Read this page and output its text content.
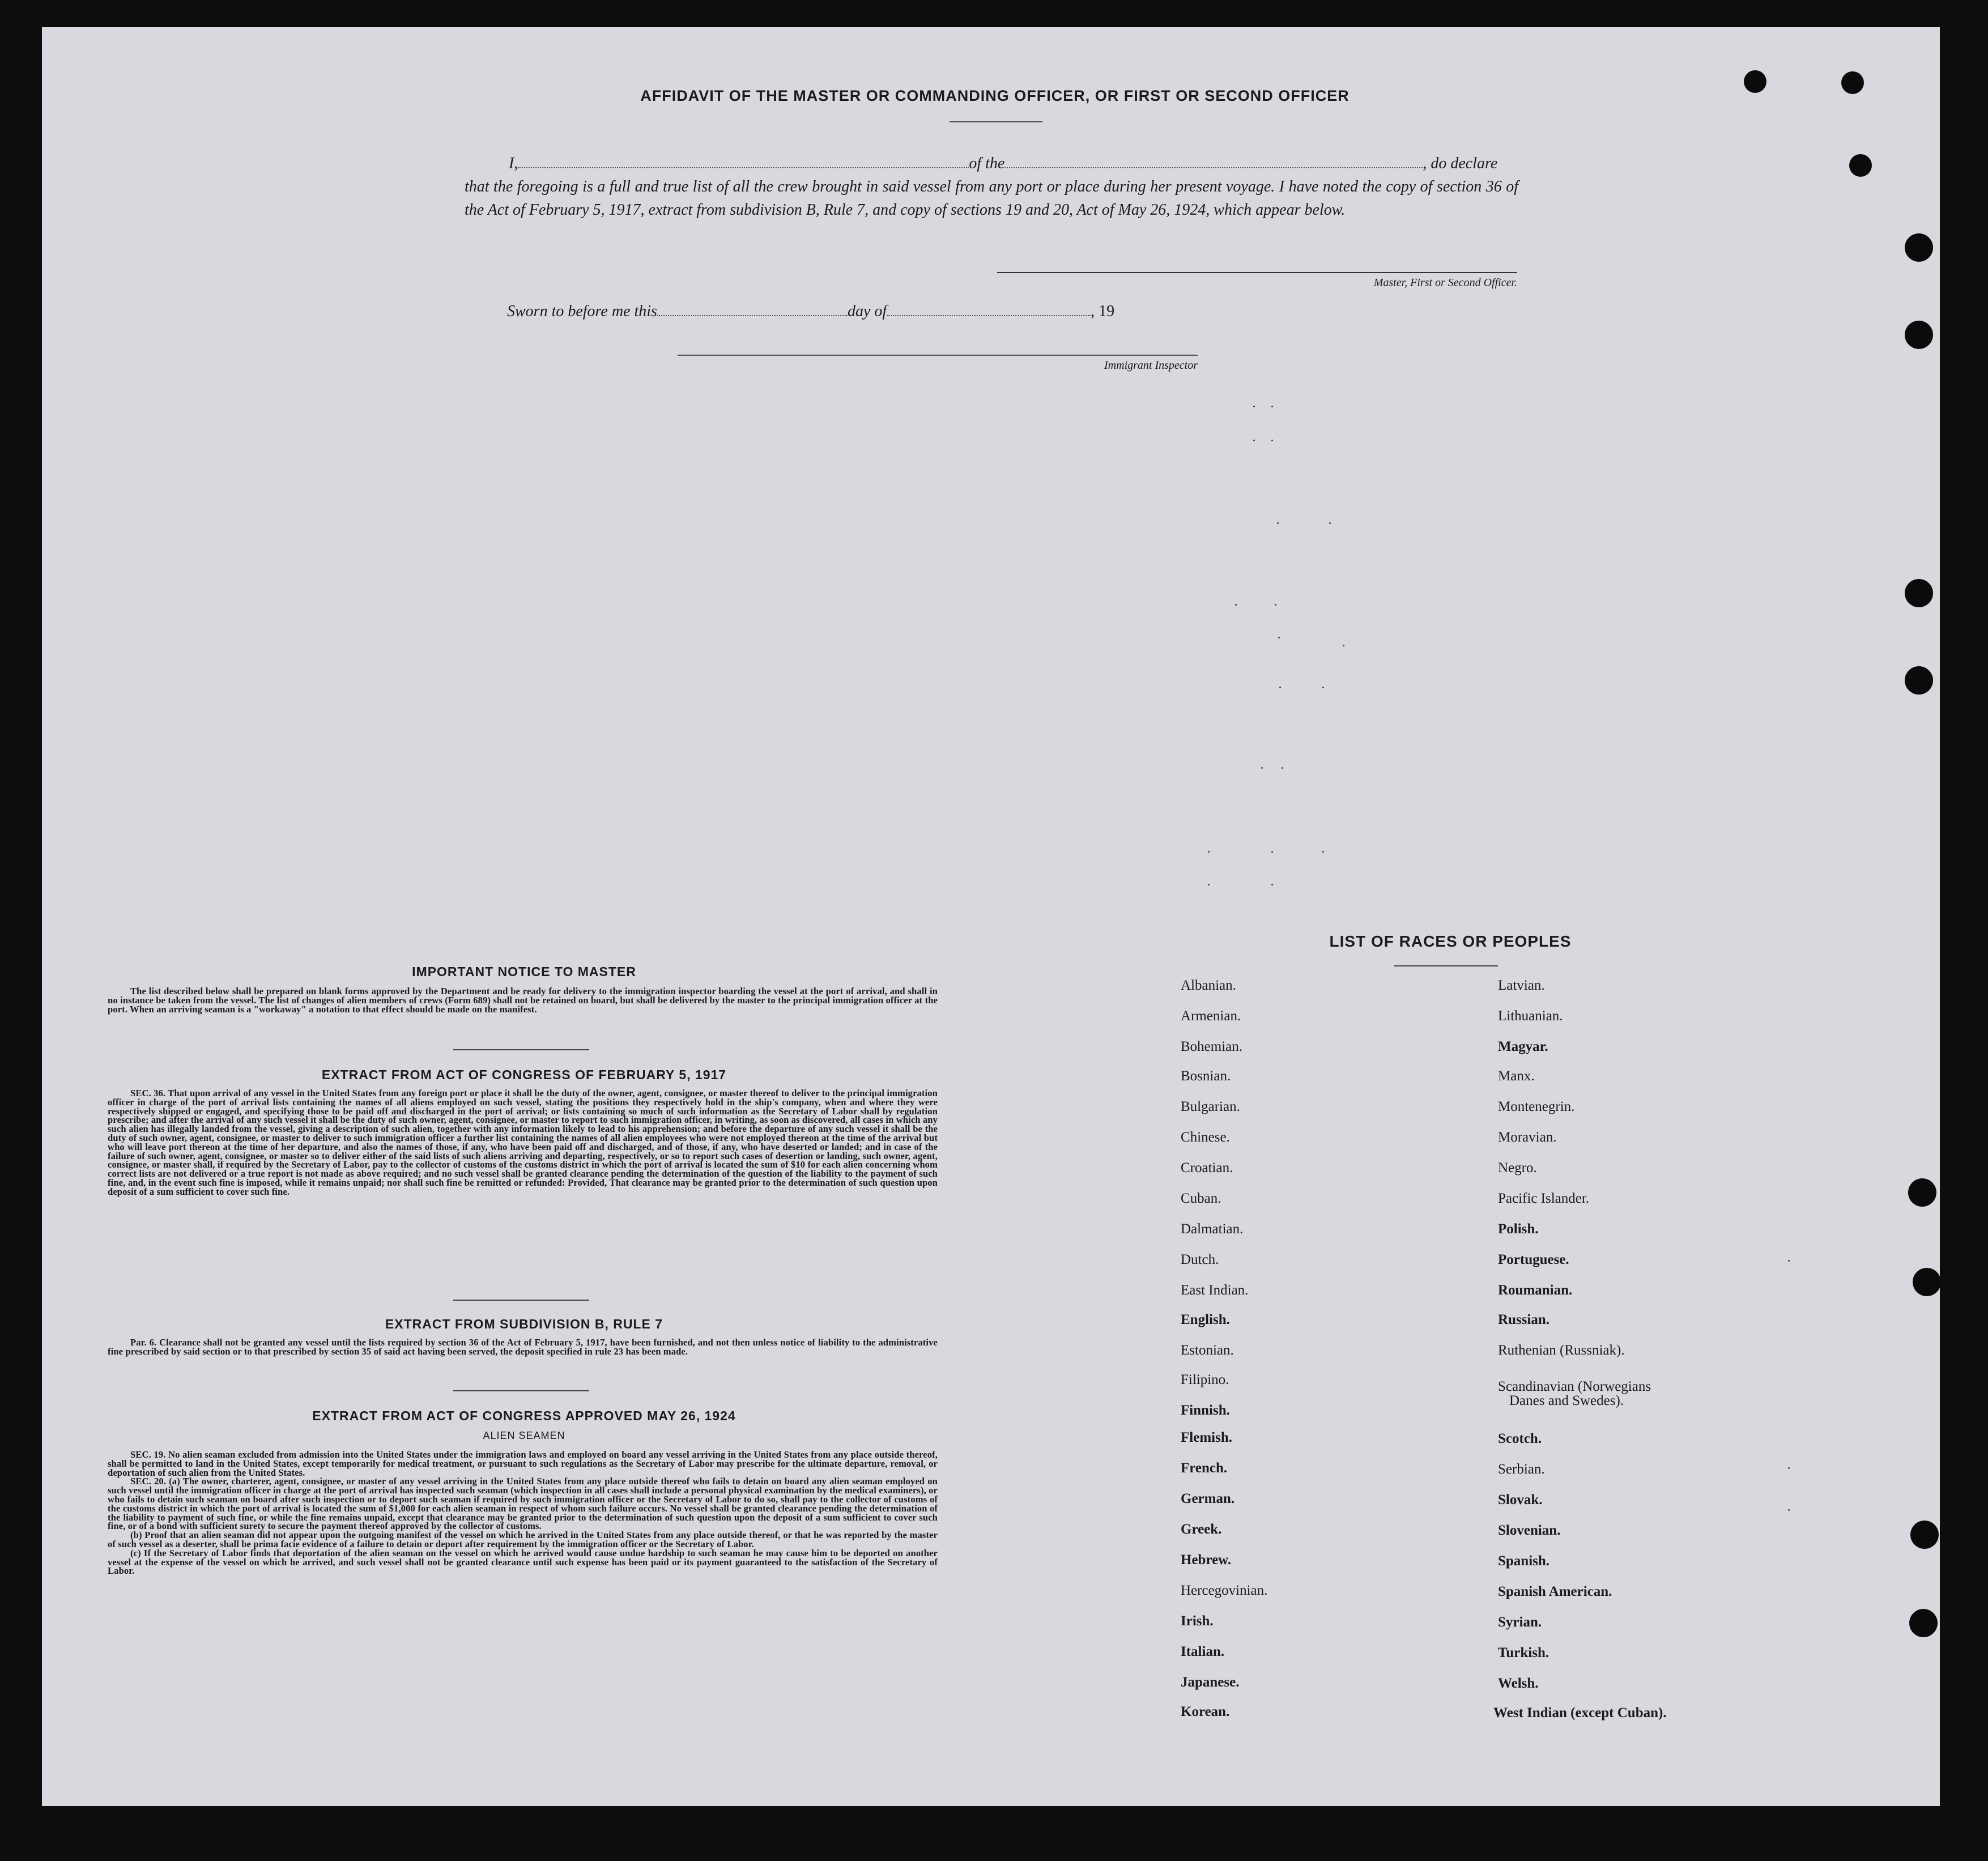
AFFIDAVIT OF THE MASTER OR COMMANDING OFFICER, OR FIRST OR SECOND OFFICER
I,	of the	, do declare
that the foregoing is a full and true list of all the crew brought in said vessel from any port or place during her present voyage. I have noted the copy of section 36 of the Act of February 5, 1917, extract from subdivision B, Rule 7, and copy of sections 19 and 20, Act of May 26, 1924, which appear below.
Master, First or Second Officer.
Sworn to before me this	day of	, 19
Immigrant Inspector
IMPORTANT NOTICE TO MASTER
The list described below shall be prepared on blank forms approved by the Department and be ready for delivery to the immigration inspector boarding the vessel at the port of arrival, and shall in no instance be taken from the vessel. The list of changes of alien members of crews (Form 689) shall not be retained on board, but shall be delivered by the master to the principal immigration officer at the port. When an arriving seaman is a "workaway" a notation to that effect should be made on the manifest.
EXTRACT FROM ACT OF CONGRESS OF FEBRUARY 5, 1917
SEC. 36. That upon arrival of any vessel in the United States from any foreign port or place it shall be the duty of the owner, agent, consignee, or master thereof to deliver to the principal immigration officer in charge of the port of arrival lists containing the names of all aliens employed on such vessel, stating the positions they respectively hold in the ship's company, when and where they were respectively shipped or engaged, and specifying those to be paid off and discharged in the port of arrival; or lists containing so much of such information as the Secretary of Labor shall by regulation prescribe; and after the arrival of any such vessel it shall be the duty of such owner, agent, consignee, or master to report to such immigration officer, in writing, as soon as discovered, all cases in which any such alien has illegally landed from the vessel, giving a description of such alien, together with any information likely to lead to his apprehension; and before the departure of any such vessel it shall be the duty of such owner, agent, consignee, or master to deliver to such immigration officer a further list containing the names of all alien employees who were not employed thereon at the time of the arrival but who will leave port thereon at the time of her departure, and also the names of those, if any, who have been paid off and discharged, and of those, if any, who have deserted or landed; and in case of the failure of such owner, agent, consignee, or master so to deliver either of the said lists of such aliens arriving and departing, respectively, or so to report such cases of desertion or landing, such owner, agent, consignee, or master shall, if required by the Secretary of Labor, pay to the collector of customs of the customs district in which the port of arrival is located the sum of $10 for each alien concerning whom correct lists are not delivered or a true report is not made as above required; and no such vessel shall be granted clearance pending the determination of the question of the liability to the payment of such fine, and, in the event such fine is imposed, while it remains unpaid; nor shall such fine be remitted or refunded: Provided, That clearance may be granted prior to the determination of such question upon deposit of a sum sufficient to cover such fine.
EXTRACT FROM SUBDIVISION B, RULE 7
Par. 6. Clearance shall not be granted any vessel until the lists required by section 36 of the Act of February 5, 1917, have been furnished, and not then unless notice of liability to the administrative fine prescribed by said section or to that prescribed by section 35 of said act having been served, the deposit specified in rule 23 has been made.
EXTRACT FROM ACT OF CONGRESS APPROVED MAY 26, 1924
ALIEN SEAMEN

SEC. 19. No alien seaman excluded from admission into the United States under the immigration laws and employed on board any vessel arriving in the United States from any place outside thereof, shall be permitted to land in the United States, except temporarily for medical treatment, or pursuant to such regulations as the Secretary of Labor may prescribe for the ultimate departure, removal, or deportation of such alien from the United States.

SEC. 20. (a) The owner, charterer, agent, consignee, or master of any vessel arriving in the United States from any place outside thereof who fails to detain on board any alien seaman employed on such vessel until the immigration officer in charge at the port of arrival has inspected such seaman (which inspection in all cases shall include a personal physical examination by the medical examiners), or who fails to detain such seaman on board after such inspection or to deport such seaman if required by such immigration officer or the Secretary of Labor to do so, shall pay to the collector of customs of the customs district in which the port of arrival is located the sum of $1,000 for each alien seaman in respect of whom such failure occurs. No vessel shall be granted clearance pending the determination of the liability to payment of such fine, or while the fine remains unpaid, except that clearance may be granted prior to the determination of such question upon the deposit of a sum sufficient to cover such fine, or of a bond with sufficient surety to secure the payment thereof approved by the collector of customs.

(b) Proof that an alien seaman did not appear upon the outgoing manifest of the vessel on which he arrived in the United States from any place outside thereof, or that he was reported by the master of such vessel as a deserter, shall be prima facie evidence of a failure to detain or deport after requirement by the immigration officer or the Secretary of Labor.

(c) If the Secretary of Labor finds that deportation of the alien seaman on the vessel on which he arrived would cause undue hardship to such seaman he may cause him to be deported on another vessel at the expense of the vessel on which he arrived, and such vessel shall not be granted clearance until such expense has been paid or its payment guaranteed to the satisfaction of the Secretary of Labor.

LIST OF RACES OR PEOPLES
Albanian.
Armenian.
Bohemian.
Bosnian.
Bulgarian.
Chinese.
Croatian.
Cuban.
Dalmatian.
Dutch.
East Indian.
English.
Estonian.
Filipino.
Finnish.
Flemish.
French.
German.
Greek.
Hebrew.
Hercegovinian.
Irish.
Italian.
Japanese.
Korean.
Latvian.
Lithuanian.
Magyar.
Manx.
Montenegrin.
Moravian.
Negro.
Pacific Islander.
Polish.
Portuguese.
Roumanian.
Russian.
Ruthenian (Russniak).
Scandinavian (Norwegians
Danes and Swedes).
Scotch.
Serbian.
Slovak.
Slovenian.
Spanish.
Spanish American.
Syrian.
Turkish.
Welsh.
West Indian (except Cuban).
